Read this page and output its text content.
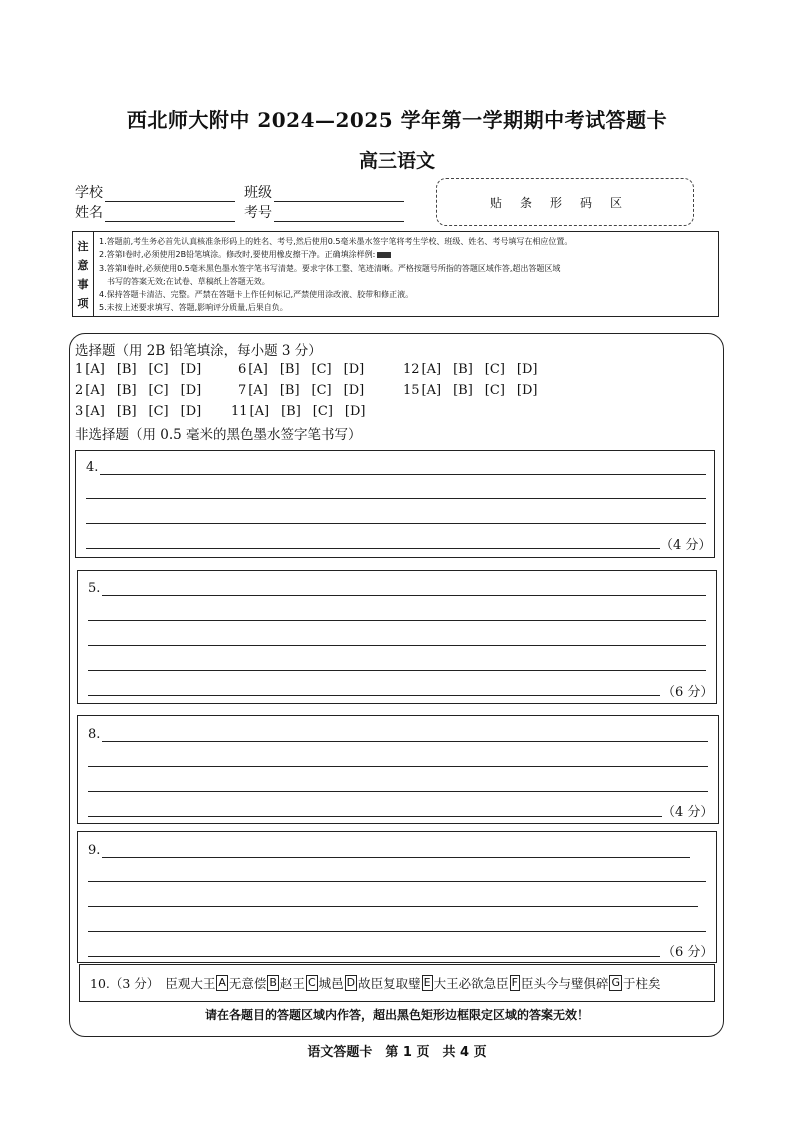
西北师大附中 2024—2025 学年第一学期期中考试答题卡
高三语文
学校	班级
姓名	考号
贴条形码区
注
意
事
项
1.答题前,考生务必首先认真核准条形码上的姓名、考号,然后使用0.5毫米墨水签字笔将考生学校、班级、姓名、考号填写在相应位置。
2.答第Ⅰ卷时,必须使用2B铅笔填涂。修改时,要使用橡皮擦干净。正确填涂样例:
3.答第Ⅱ卷时,必须使用0.5毫米黑色墨水签字笔书写清楚。要求字体工整、笔迹清晰。严格按题号所指的答题区域作答,超出答题区域
书写的答案无效;在试卷、草稿纸上答题无效。
4.保持答题卡清洁、完整。严禁在答题卡上作任何标记,严禁使用涂改液、胶带和修正液。
5.未按上述要求填写、答题,影响评分质量,后果自负。
选择题（用 2B 铅笔填涂，每小题 3 分）
1 [A] [B] [C] [D]	6 [A] [B] [C] [D]	12 [A] [B] [C] [D]
2 [A] [B] [C] [D]	7 [A] [B] [C] [D]	15 [A] [B] [C] [D]
3 [A] [B] [C] [D] 11 [A] [B] [C] [D]
非选择题（用 0.5 毫米的黑色墨水签字笔书写）
4.
（4 分）
5.
（6 分）
8.
（4 分）
9.
（6 分）
10.（3 分） 臣观大王 A 无意偿 B 赵王 C 城邑 D 故臣复取璧 E 大王必欲急臣 F 臣头今与璧俱碎 G 于柱矣
请在各题目的答题区域内作答，超出黑色矩形边框限定区域的答案无效！
语文答题卡　第 1 页　共 4 页
